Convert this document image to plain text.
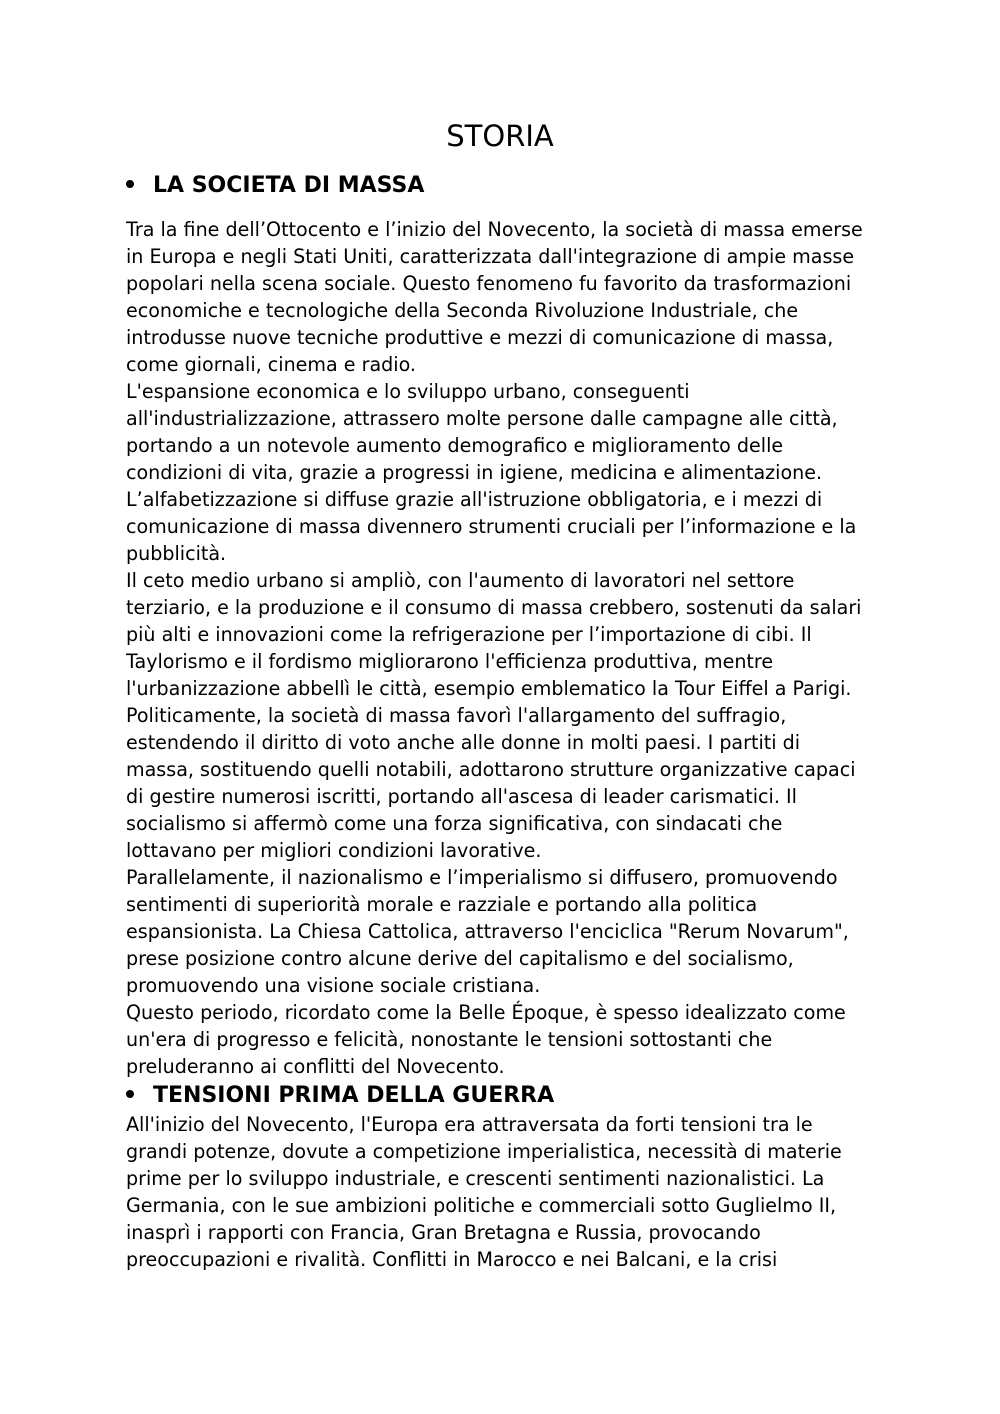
STORIA
LA SOCIETA DI MASSA
Tra la fine dell’Ottocento e l’inizio del Novecento, la società di massa emerse
in Europa e negli Stati Uniti, caratterizzata dall'integrazione di ampie masse
popolari nella scena sociale. Questo fenomeno fu favorito da trasformazioni
economiche e tecnologiche della Seconda Rivoluzione Industriale, che
introdusse nuove tecniche produttive e mezzi di comunicazione di massa,
come giornali, cinema e radio.
L'espansione economica e lo sviluppo urbano, conseguenti
all'industrializzazione, attrassero molte persone dalle campagne alle città,
portando a un notevole aumento demografico e miglioramento delle
condizioni di vita, grazie a progressi in igiene, medicina e alimentazione.
L’alfabetizzazione si diffuse grazie all'istruzione obbligatoria, e i mezzi di
comunicazione di massa divennero strumenti cruciali per l’informazione e la
pubblicità.
Il ceto medio urbano si ampliò, con l'aumento di lavoratori nel settore
terziario, e la produzione e il consumo di massa crebbero, sostenuti da salari
più alti e innovazioni come la refrigerazione per l’importazione di cibi. Il
Taylorismo e il fordismo migliorarono l'efficienza produttiva, mentre
l'urbanizzazione abbellì le città, esempio emblematico la Tour Eiffel a Parigi.
Politicamente, la società di massa favorì l'allargamento del suffragio,
estendendo il diritto di voto anche alle donne in molti paesi. I partiti di
massa, sostituendo quelli notabili, adottarono strutture organizzative capaci
di gestire numerosi iscritti, portando all'ascesa di leader carismatici. Il
socialismo si affermò come una forza significativa, con sindacati che
lottavano per migliori condizioni lavorative.
Parallelamente, il nazionalismo e l’imperialismo si diffusero, promuovendo
sentimenti di superiorità morale e razziale e portando alla politica
espansionista. La Chiesa Cattolica, attraverso l'enciclica "Rerum Novarum",
prese posizione contro alcune derive del capitalismo e del socialismo,
promuovendo una visione sociale cristiana.
Questo periodo, ricordato come la Belle Époque, è spesso idealizzato come
un'era di progresso e felicità, nonostante le tensioni sottostanti che
preluderanno ai conflitti del Novecento.
TENSIONI PRIMA DELLA GUERRA
All'inizio del Novecento, l'Europa era attraversata da forti tensioni tra le
grandi potenze, dovute a competizione imperialistica, necessità di materie
prime per lo sviluppo industriale, e crescenti sentimenti nazionalistici. La
Germania, con le sue ambizioni politiche e commerciali sotto Guglielmo II,
inasprì i rapporti con Francia, Gran Bretagna e Russia, provocando
preoccupazioni e rivalità. Conflitti in Marocco e nei Balcani, e la crisi
